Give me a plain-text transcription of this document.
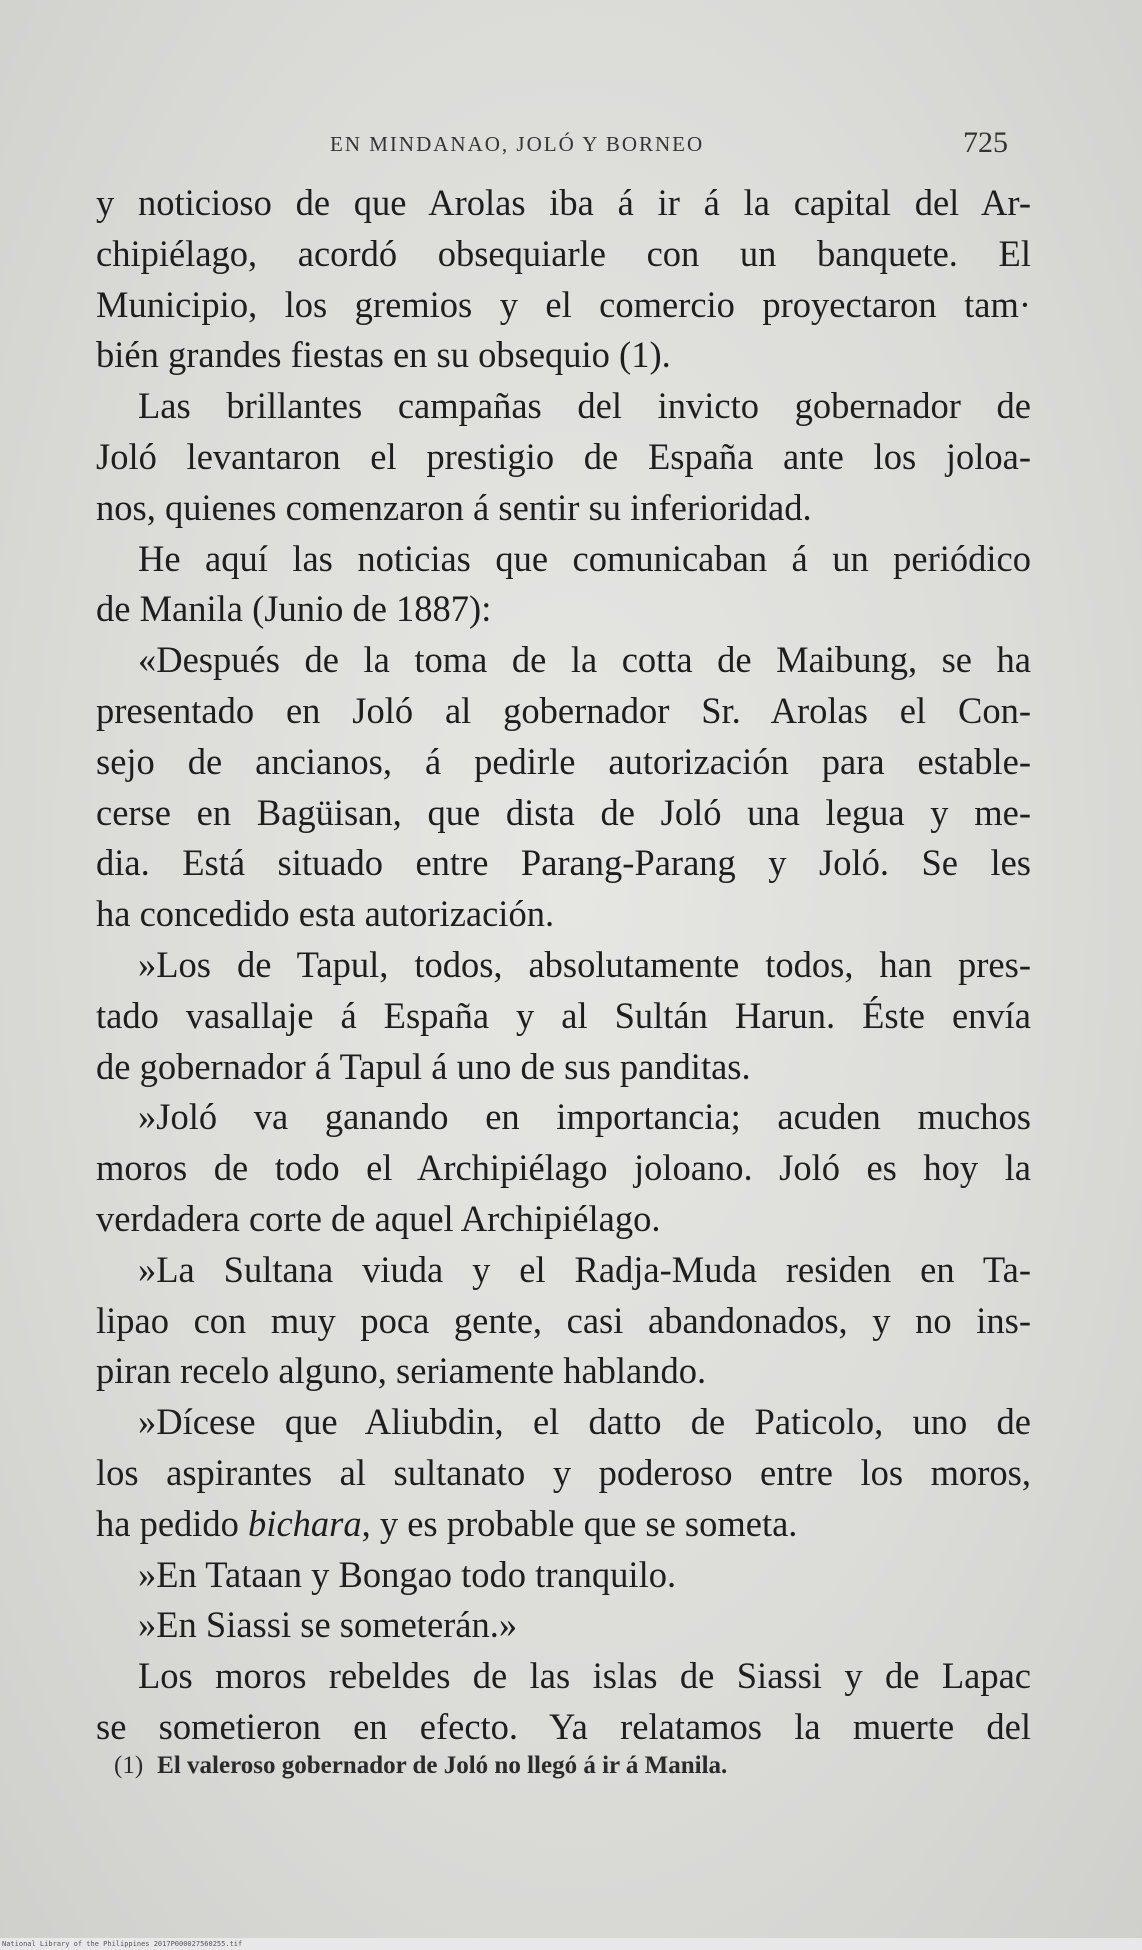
EN MINDANAO, JOLÓ Y BORNEO	725
y noticioso de que Arolas iba á ir á la capital del Ar-
chipiélago, acordó obsequiarle con un banquete. El
Municipio, los gremios y el comercio proyectaron tam·
bién grandes fiestas en su obsequio (1).
Las brillantes campañas del invicto gobernador de
Joló levantaron el prestigio de España ante los joloa-
nos, quienes comenzaron á sentir su inferioridad.
He aquí las noticias que comunicaban á un periódico
de Manila (Junio de 1887):
«Después de la toma de la cotta de Maibung, se ha
presentado en Joló al gobernador Sr. Arolas el Con-
sejo de ancianos, á pedirle autorización para estable-
cerse en Bagüisan, que dista de Joló una legua y me-
dia. Está situado entre Parang-Parang y Joló. Se les
ha concedido esta autorización.
»Los de Tapul, todos, absolutamente todos, han pres-
tado vasallaje á España y al Sultán Harun. Éste envía
de gobernador á Tapul á uno de sus panditas.
»Joló va ganando en importancia; acuden muchos
moros de todo el Archipiélago joloano. Joló es hoy la
verdadera corte de aquel Archipiélago.
»La Sultana viuda y el Radja-Muda residen en Ta-
lipao con muy poca gente, casi abandonados, y no ins-
piran recelo alguno, seriamente hablando.
»Dícese que Aliubdin, el datto de Paticolo, uno de
los aspirantes al sultanato y poderoso entre los moros,
ha pedido bichara, y es probable que se someta.
»En Tataan y Bongao todo tranquilo.
»En Siassi se someterán.»
Los moros rebeldes de las islas de Siassi y de Lapac
se sometieron en efecto. Ya relatamos la muerte del
(1) El valeroso gobernador de Joló no llegó á ir á Manila.
National Library of the Philippines 2017P000027560255.tif
